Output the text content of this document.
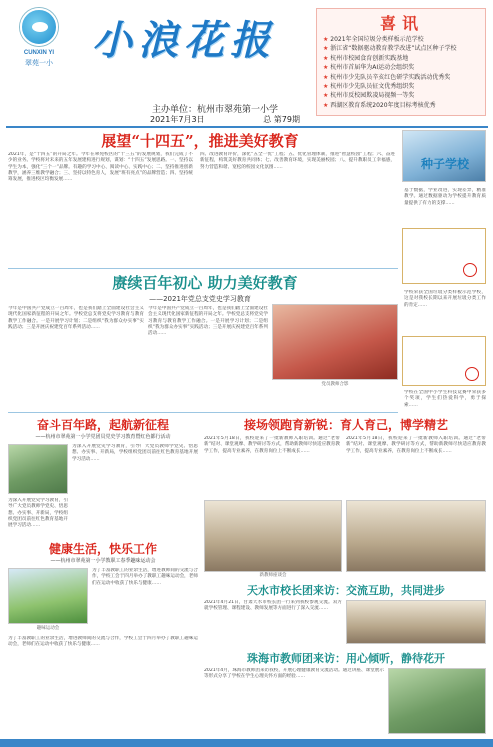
CUNXIN YI
翠苑一小 小浪花报
主办单位：杭州市翠苑第一小学
2021年7月3日	总 第79期
喜讯
★ 2021年全国垃圾分类样板示范学校
★ 浙江省“数据驱动教育教学改进”试点区种子学校
★ 杭州市校园食育创新实践基地
★ 杭州市首届华为AI运动会组织奖
★ 杭州市少先队员辛亥红色研学实践活动优秀奖
★ 杭州市少先队员征文优秀组织奖
★ 杭州市反校园欺凌局视频一等奖
★ 西湖区教育系统2020年度目标考核优秀
展望“十四五”，推进美好教育
2021年，是“十四五”的开局之年。今年在翠苑校区的“十三五”的发展规划，我们完成了不少的业务。学校将对未来的五年发展建构进行规划，谋划：“十四五”发展思路。一、坚持以学生为本，强化“三个一”品牌。有趣的学习中心、阅读中心、实践中心；二、坚持推进创新教学，涵养三维教学融合；三、坚持以特色育人，发展“班有亮点”的品牌营造；四、坚持统筹发展，推进校区均衡发展……
四、改进教育评价，深化“五全一优”工程；五、优化管理体制，推进“智慧校园”工程；六、奋进新征程，构筑美好教育共同体；七、改善教育环境，实现美丽校园；八、提升教职员工幸福感，努力营造和谐、宽松的校园文化氛围……	种子学校
基于数据，学业改进，实现差异，精准教学。通过数据驱动为学校提升教育质量提供了有力的支撑……
学校荣获全国垃圾分类样板示范学校，这是对我校长期以来开展垃圾分类工作的肯定……
赓续百年初心 助力美好教育
——2021年党总支党史学习教育
今年是中国共产党成立一百周年，也是我们踏上全面建设社会主义现代化国家新征程的开局之年。学校党总支将党史学习教育与教育教学工作融合。一是开展学习计划；二是组织“我为群众办实事”实践活动；三是开展庆祝建党百年系列活动……
今年是中国共产党成立一百周年，也是我们踏上全面建设社会主义现代化国家新征程的开局之年。学校党总支将党史学习教育与教育教学工作融合。一是开展学习计划；二是组织“我为群众办实事”实践活动；三是开展庆祝建党百年系列活动……
党员教师合影
学校在全国中小学生科技竞赛中荣获多个奖项，学生们热爱科学，勇于探索……
奋斗百年路，起航新征程
——杭州市翠苑第一小学党团员党史学习教育暨红色都行活动
为深入开展党史学习教育，引导广大党员教师学党史、悟思想、办实事、开新局，学校组织党团员前往红色教育基地开展学习活动……
为深入开展党史学习教育，引导广大党员教师学党史、悟思想、办实事、开新局，学校组织党团员前往红色教育基地开展学习活动……
健康生活，快乐工作
——杭州市翠苑第一小学教职工春季趣味运动会
趣味运动会
为了丰富教职工的业余生活，增进教师间的交流与合作，学校工会于四月举办了教职工趣味运动会，老师们在运动中收获了快乐与健康……
为了丰富教职工的业余生活，增进教师间的交流与合作，学校工会于四月举办了教职工趣味运动会，老师们在运动中收获了快乐与健康……
接场领跑育新锐：育人育己，博学精艺
2021年5月18日，我校迎来了一批新教师入职培训。通过“老带新”结对、课堂观摩、教学研讨等方式，帮助新教师尽快适应教育教学工作，提高专业素养，在教育岗位上不断成长……
2021年5月18日，我校迎来了一批新教师入职培训。通过“老带新”结对、课堂观摩、教学研讨等方式，帮助新教师尽快适应教育教学工作，提高专业素养，在教育岗位上不断成长……
新教师座谈会
天水市校长团来访：交流互助，共同进步
2021年4月21日，甘肃天水市校长团一行来到我校参观交流。双方就学校管理、课程建设、教师发展等方面进行了深入交流……
珠海市教师团来访：用心倾听，静待花开
2021年4月，珠海市教师团来访我校，开展心理健康教育交流活动。通过讲座、课堂展示等形式分享了学校在学生心理关怀方面的经验……
